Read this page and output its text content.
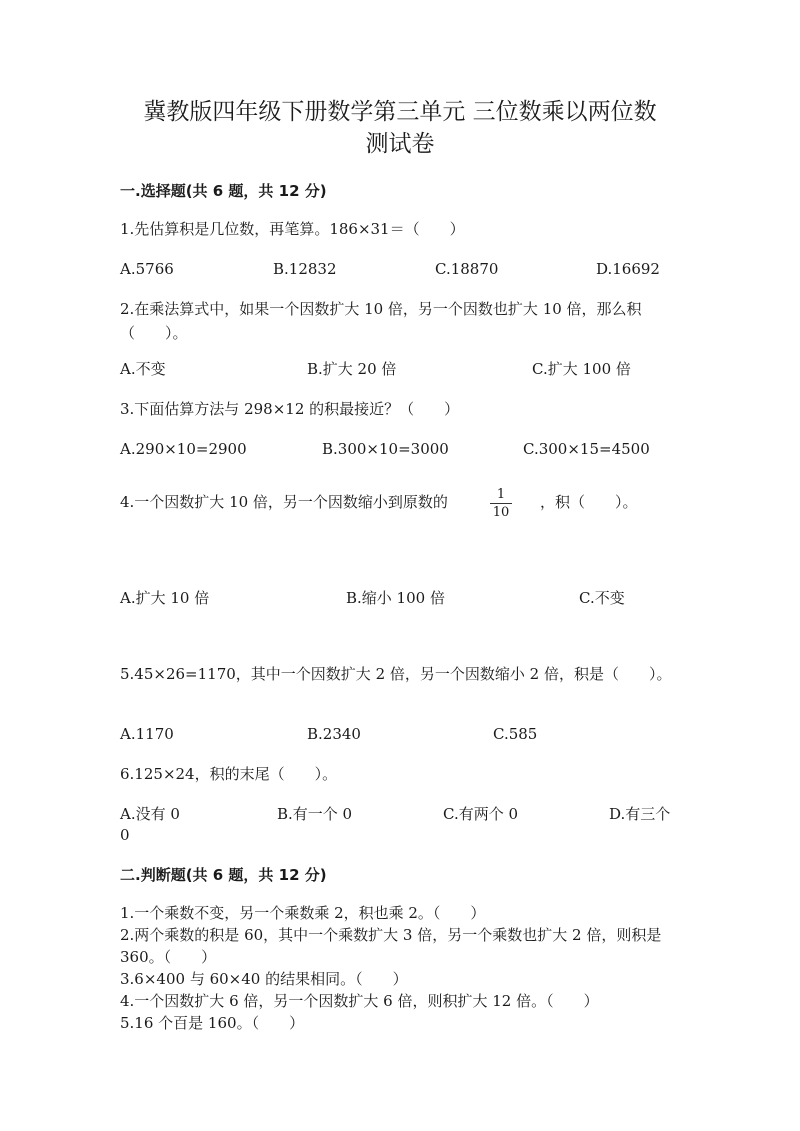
冀教版四年级下册数学第三单元 三位数乘以两位数
测试卷
一.选择题(共 6 题，共 12 分)
1.先估算积是几位数，再笔算。186×31＝（　　）
A.5766	B.12832	C.18870	D.16692
2.在乘法算式中，如果一个因数扩大 10 倍，另一个因数也扩大 10 倍，那么积（　　）。
A.不变	B.扩大 20 倍	C.扩大 100 倍
3.下面估算方法与 298×12 的积最接近？（　　）
A.290×10=2900	B.300×10=3000	C.300×15=4500
4.一个因数扩大 10 倍，另一个因数缩小到原数的	1
10
，积（　　）。
A.扩大 10 倍	B.缩小 100 倍	C.不变
5.45×26=1170，其中一个因数扩大 2 倍，另一个因数缩小 2 倍，积是（　　）。
A.1170	B.2340	C.585
6.125×24，积的末尾（　　）。
A.没有 0	B.有一个 0	C.有两个 0	D.有三个
0
二.判断题(共 6 题，共 12 分)
1.一个乘数不变，另一个乘数乘 2，积也乘 2。（　　）
2.两个乘数的积是 60，其中一个乘数扩大 3 倍，另一个乘数也扩大 2 倍，则积是 360。（　　）
3.6×400 与 60×40 的结果相同。（　　）
4.一个因数扩大 6 倍，另一个因数扩大 6 倍，则积扩大 12 倍。（　　）
5.16 个百是 160。（　　）
